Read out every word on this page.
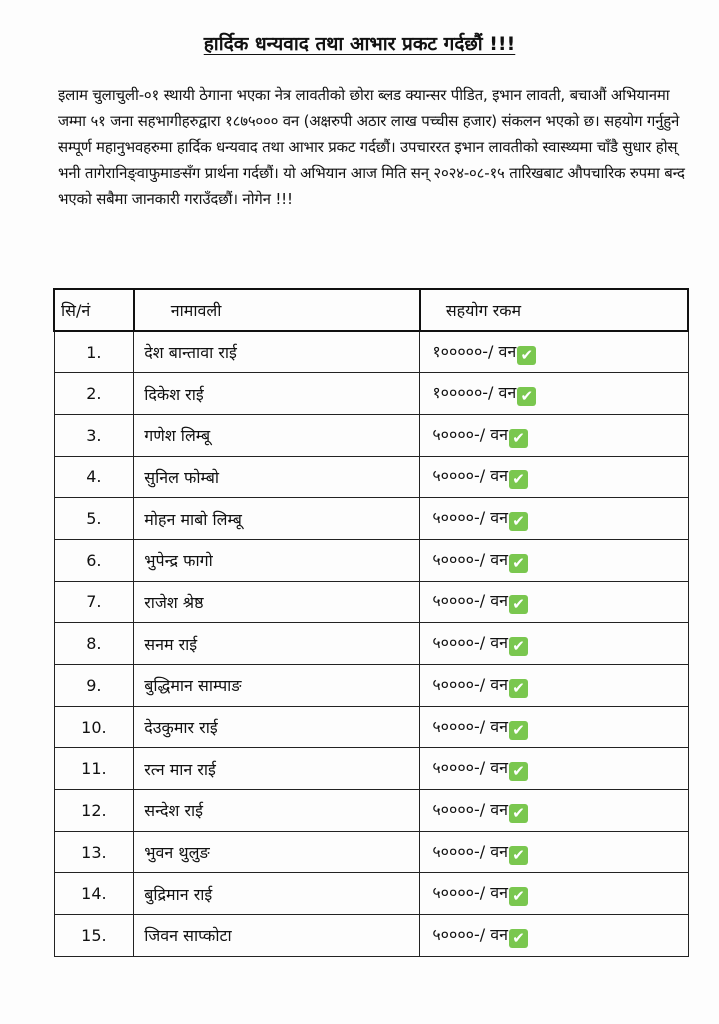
हार्दिक धन्यवाद तथा आभार प्रकट गर्दछौं !!!
इलाम चुलाचुली-०१ स्थायी ठेगाना भएका नेत्र लावतीको छोरा ब्लड क्यान्सर पीडित, इभान लावती, बचाऔं अभियानमा जम्मा ५१ जना सहभागीहरुद्वारा १८७५००० वन (अक्षरुपी अठार लाख पच्चीस हजार) संकलन भएको छ। सहयोग गर्नुहुने सम्पूर्ण महानुभवहरुमा हार्दिक धन्यवाद तथा आभार प्रकट गर्दछौं। उपचाररत इभान लावतीको स्वास्थ्यमा चाँडै सुधार होस् भनी तागेरानिङ्वाफुमाङसँग प्रार्थना गर्दछौं। यो अभियान आज मिति सन् २०२४-०८-१५ तारिखबाट औपचारिक रुपमा बन्द भएको सबैमा जानकारी गराउँदछौं। नोगेन !!!
सि/नं	नामावली	सहयोग रकम
1.	देश बान्तावा राई	१०००००-/ वन ✔
2.	दिकेश राई	१०००००-/ वन ✔
3.	गणेश लिम्बू	५००००-/ वन ✔
4.	सुनिल फोम्बो	५००००-/ वन ✔
5.	मोहन माबो लिम्बू	५००००-/ वन ✔
6.	भुपेन्द्र फागो	५००००-/ वन ✔
7.	राजेश श्रेष्ठ	५००००-/ वन ✔
8.	सनम राई	५००००-/ वन ✔
9.	बुद्धिमान साम्पाङ	५००००-/ वन ✔
10.	देउकुमार राई	५००००-/ वन ✔
11.	रत्न मान राई	५००००-/ वन ✔
12.	सन्देश राई	५००००-/ वन ✔
13.	भुवन थुलुङ	५००००-/ वन ✔
14.	बुद्रिमान राई	५००००-/ वन ✔
15.	जिवन साप्कोटा	५००००-/ वन ✔
